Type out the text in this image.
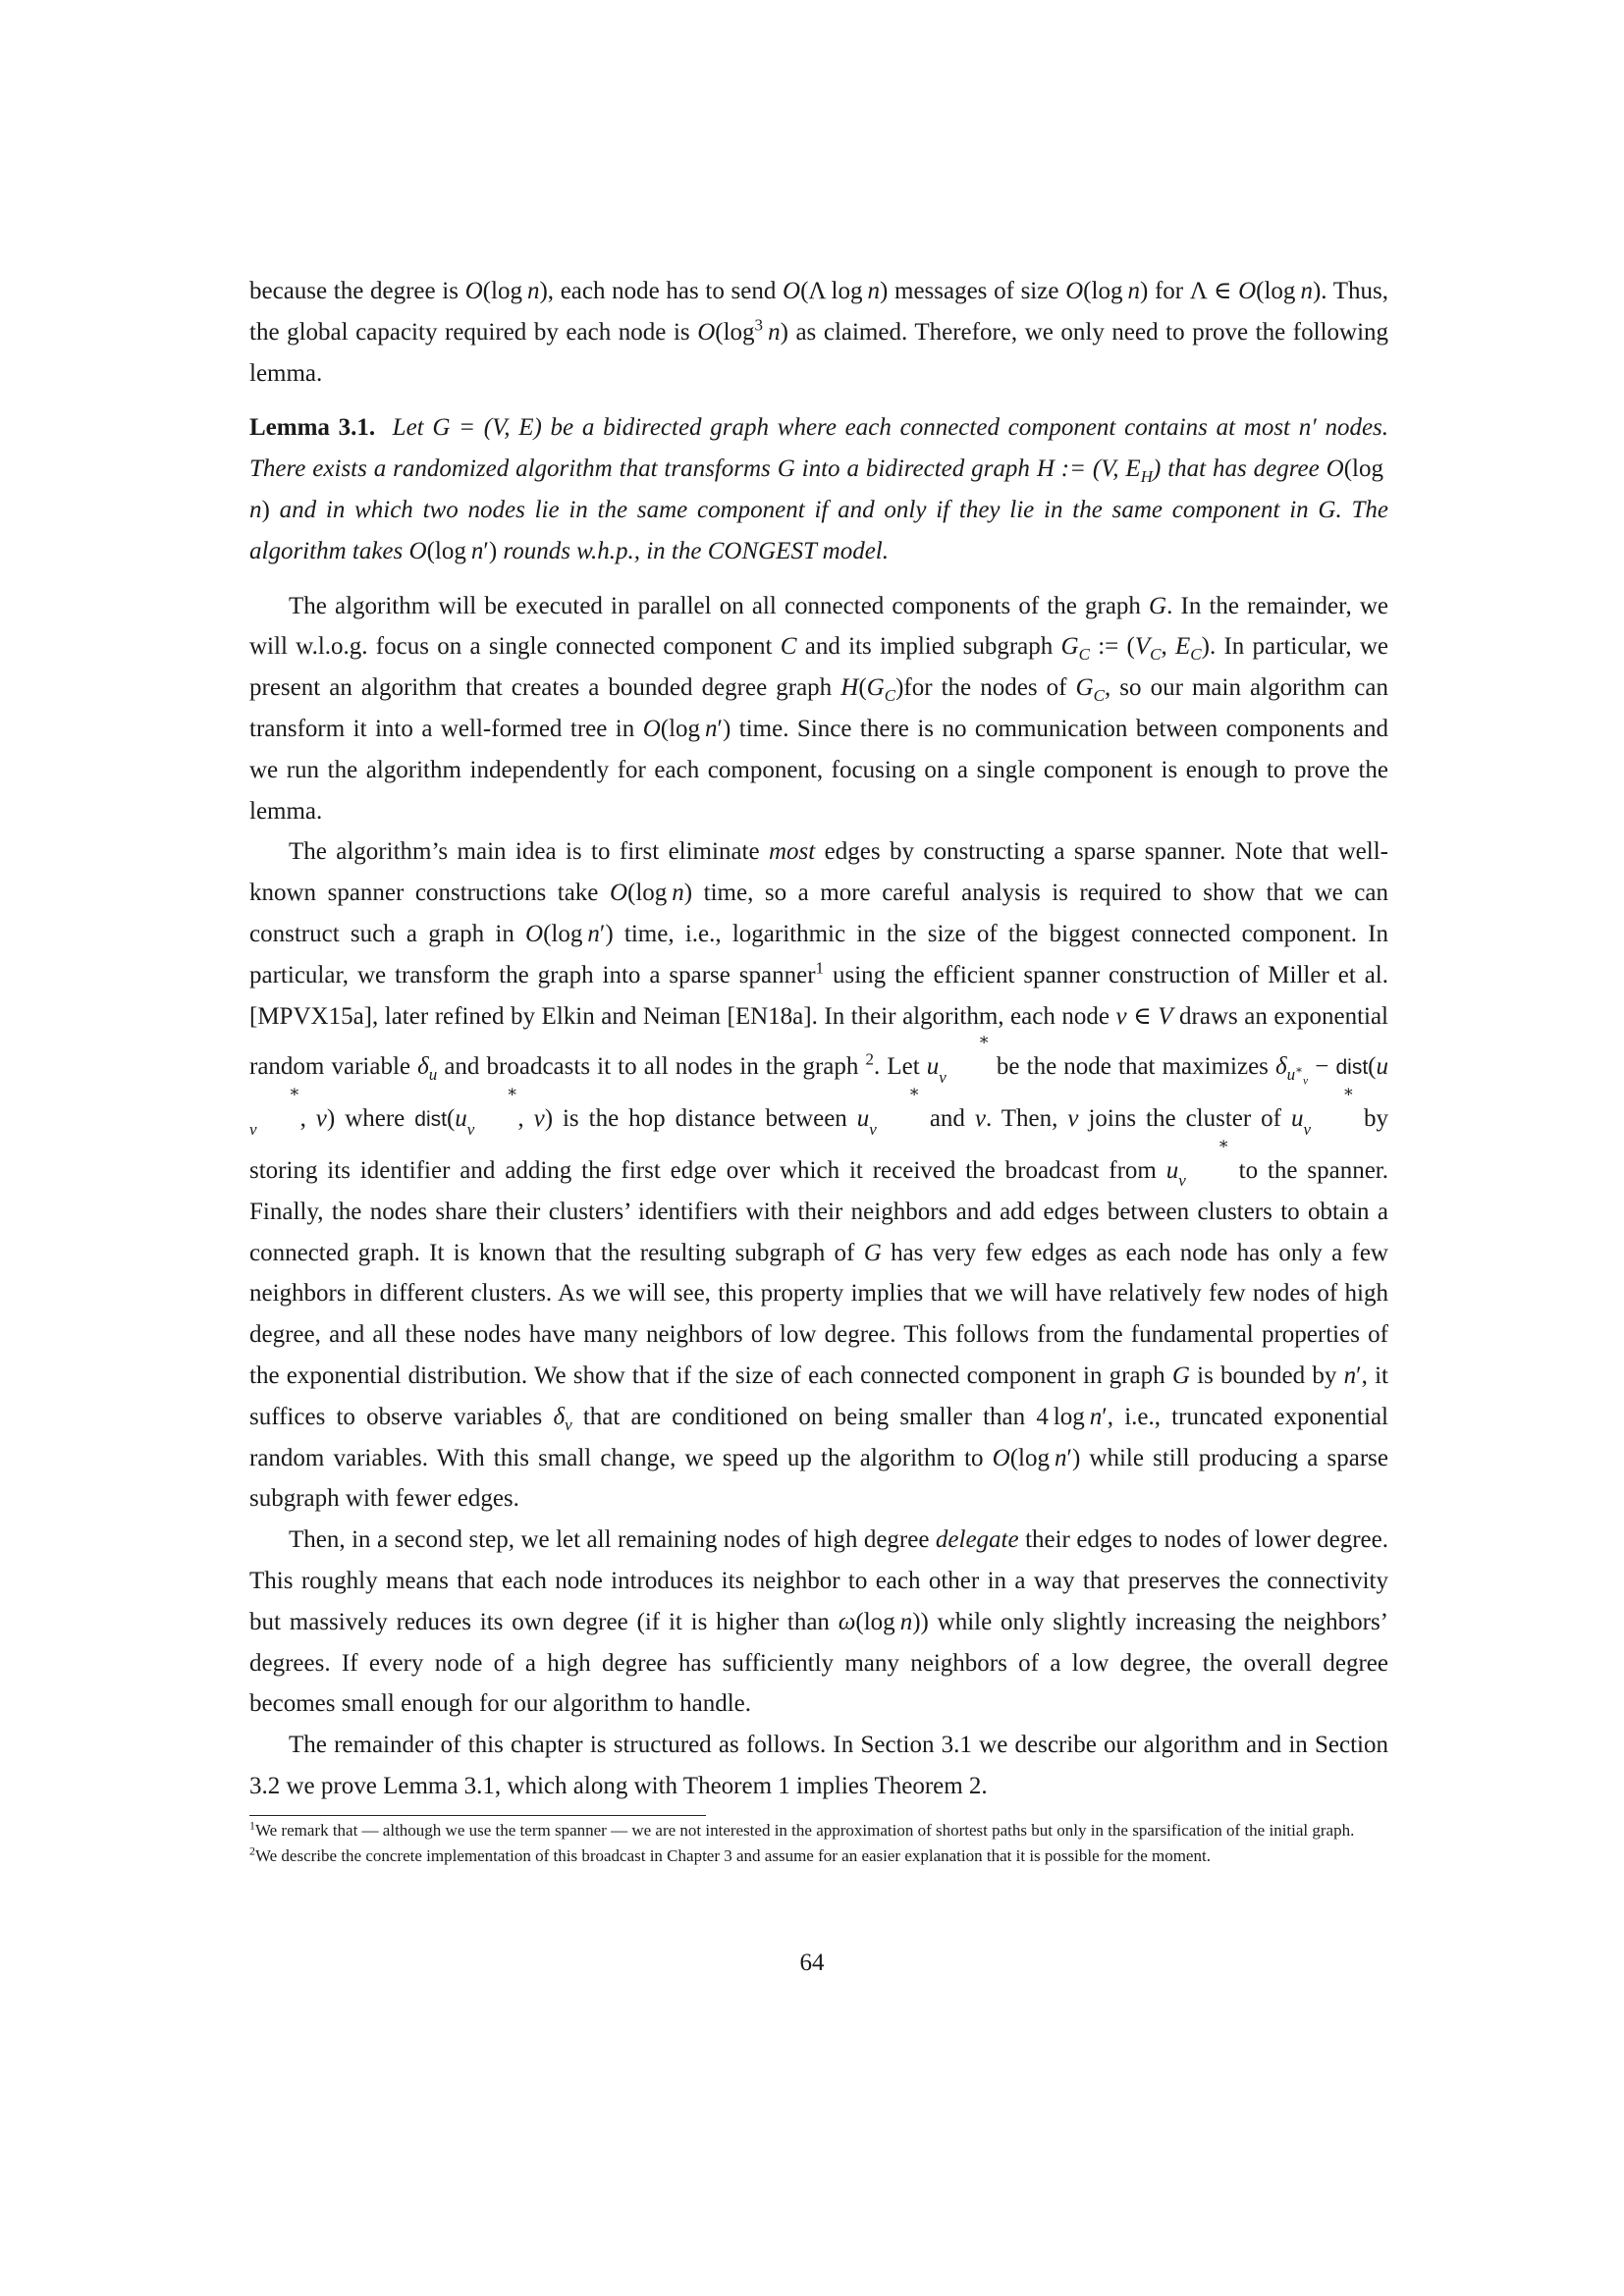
because the degree is O(log n), each node has to send O(Λ log n) messages of size O(log n) for Λ ∈ O(log n). Thus, the global capacity required by each node is $O(\log^3$  n) as claimed. Therefore, we only need to prove the following lemma.

Lemma 3.1. Let G = (V, E) be a bidirected graph where each connected component contains at most n′ nodes. There exists a randomized algorithm that transforms G into a bidirected graph H := (V, $E_H$) that has degree O(log n) and in which two nodes lie in the same component if and only if they lie in the same component in G. The algorithm takes O(log n′) rounds w.h.p., in the CONGEST model.

The algorithm will be executed in parallel on all connected components of the graph G. In the remainder, we will w.l.o.g. focus on a single connected component C and its implied subgraph $G_C$ := ($V_C$, $E_C$). In particular, we present an algorithm that creates a bounded degree graph $H(G_C)for$ the nodes of $G_C$, so our main algorithm can transform it into a well-formed tree in O(log n′) time. Since there is no communication between components and we run the algorithm independently for each component, focusing on a single component is enough to prove the lemma.

The algorithm’s main idea is to first eliminate most edges by constructing a sparse spanner. Note that well-known spanner constructions take O(log n) time, so a more careful analysis is required to show that we can construct such a graph in O(log n′) time, i.e., logarithmic in the size of the biggest connected component. In particular, we transform the graph into a sparse spanner$^1$ using the efficient spanner construction of Miller et al. [MPVX15a], later refined by Elkin and Neiman [EN18a]. In their algorithm, each node v ∈ V draws an exponential random variable $\delta_u$ and broadcasts it to all nodes in the graph $^2$. Let u∗
$_v$ be the node that maximizes $\delta_{u^∗_v}$ − dist(u∗
$_v$ , v) where dist(u∗
$_v$ , v) is the hop distance between u∗
$_v$ and v. Then, v joins the cluster of u∗
$_v$ by storing its identifier and adding the first edge over which it received the broadcast from u∗
$_v$ to the spanner. Finally, the nodes share their clusters’ identifiers with their neighbors and add edges between clusters to obtain a connected graph. It is known that the resulting subgraph of G has very few edges as each node has only a few neighbors in different clusters. As we will see, this property implies that we will have relatively few nodes of high degree, and all these nodes have many neighbors of low degree. This follows from the fundamental properties of the exponential distribution. We show that if the size of each connected component in graph G is bounded by n′, it suffices to observe variables $\delta_v$ that are conditioned on being smaller than 4 log n′, i.e., truncated exponential random variables. With this small change, we speed up the algorithm to O(log n′) while still producing a sparse subgraph with fewer edges.

Then, in a second step, we let all remaining nodes of high degree delegate their edges to nodes of lower degree. This roughly means that each node introduces its neighbor to each other in a way that preserves the connectivity but massively reduces its own degree (if it is higher than ω(log n)) while only slightly increasing the neighbors’ degrees. If every node of a high degree has sufficiently many neighbors of a low degree, the overall degree becomes small enough for our algorithm to handle.

The remainder of this chapter is structured as follows. In Section 3.1 we describe our algorithm and in Section 3.2 we prove Lemma 3.1, which along with Theorem 1 implies Theorem 2.

$^1$We remark that — although we use the term spanner — we are not interested in the approximation of shortest paths but only in the sparsification of the initial graph.
$^2$We describe the concrete implementation of this broadcast in Chapter 3 and assume for an easier explanation that it is possible for the moment.
64
